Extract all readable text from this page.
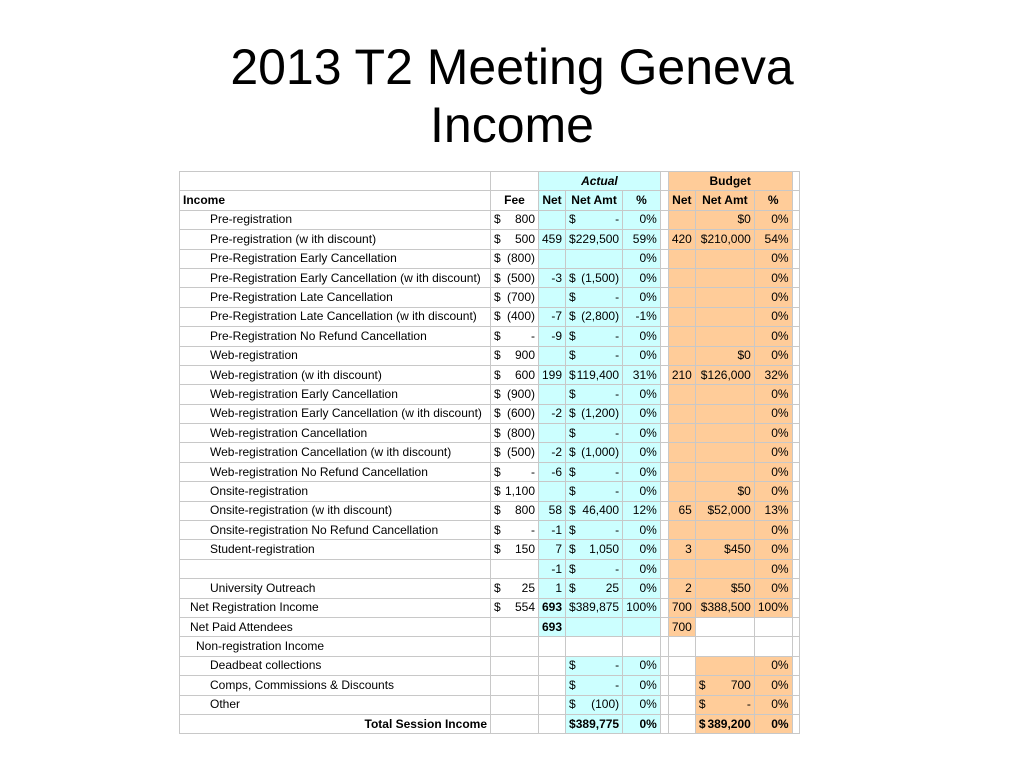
2013 T2 Meeting Geneva
Income
		Actual				Budget			
Income	Fee	Net	Net Amt	%		Net	Net Amt	%	
Pre-registration	$ 800		$ -	0%			$0	0%	
Pre-registration (w ith discount)	$ 500	459	$ 229,500	59%		420	$210,000	54%	
Pre-Registration Early Cancellation	$ (800)			0%				0%	
Pre-Registration Early Cancellation (w ith discount)	$ (500)	-3	$ (1,500)	0%				0%	
Pre-Registration Late Cancellation	$ (700)		$ -	0%				0%	
Pre-Registration Late Cancellation (w ith discount)	$ (400)	-7	$ (2,800)	-1%				0%	
Pre-Registration No Refund Cancellation	$ -	-9	$ -	0%				0%	
Web-registration	$ 900		$ -	0%			$0	0%	
Web-registration (w ith discount)	$ 600	199	$ 119,400	31%		210	$126,000	32%	
Web-registration Early Cancellation	$ (900)		$ -	0%				0%	
Web-registration Early Cancellation (w ith discount)	$ (600)	-2	$ (1,200)	0%				0%	
Web-registration Cancellation	$ (800)		$ -	0%				0%	
Web-registration Cancellation (w ith discount)	$ (500)	-2	$ (1,000)	0%				0%	
Web-registration No Refund Cancellation	$ -	-6	$ -	0%				0%	
Onsite-registration	$ 1,100		$ -	0%			$0	0%	
Onsite-registration (w ith discount)	$ 800	58	$ 46,400	12%		65	$52,000	13%	
Onsite-registration No Refund Cancellation	$ -	-1	$ -	0%				0%	
Student-registration	$ 150	7	$ 1,050	0%		3	$450	0%	
		-1	$ -	0%				0%	
University Outreach	$ 25	1	$ 25	0%		2	$50	0%	
Net Registration Income	$ 554	693	$ 389,875	100%		700	$388,500	100%	
Net Paid Attendees		693				700			
Non-registration Income									
Deadbeat collections			$ -	0%				0%	
Comps, Commissions & Discounts			$ -	0%			$ 700	0%	
Other			$ (100)	0%			$ -	0%	
Total Session Income			$ 389,775	0%			$ 389,200	0%	
